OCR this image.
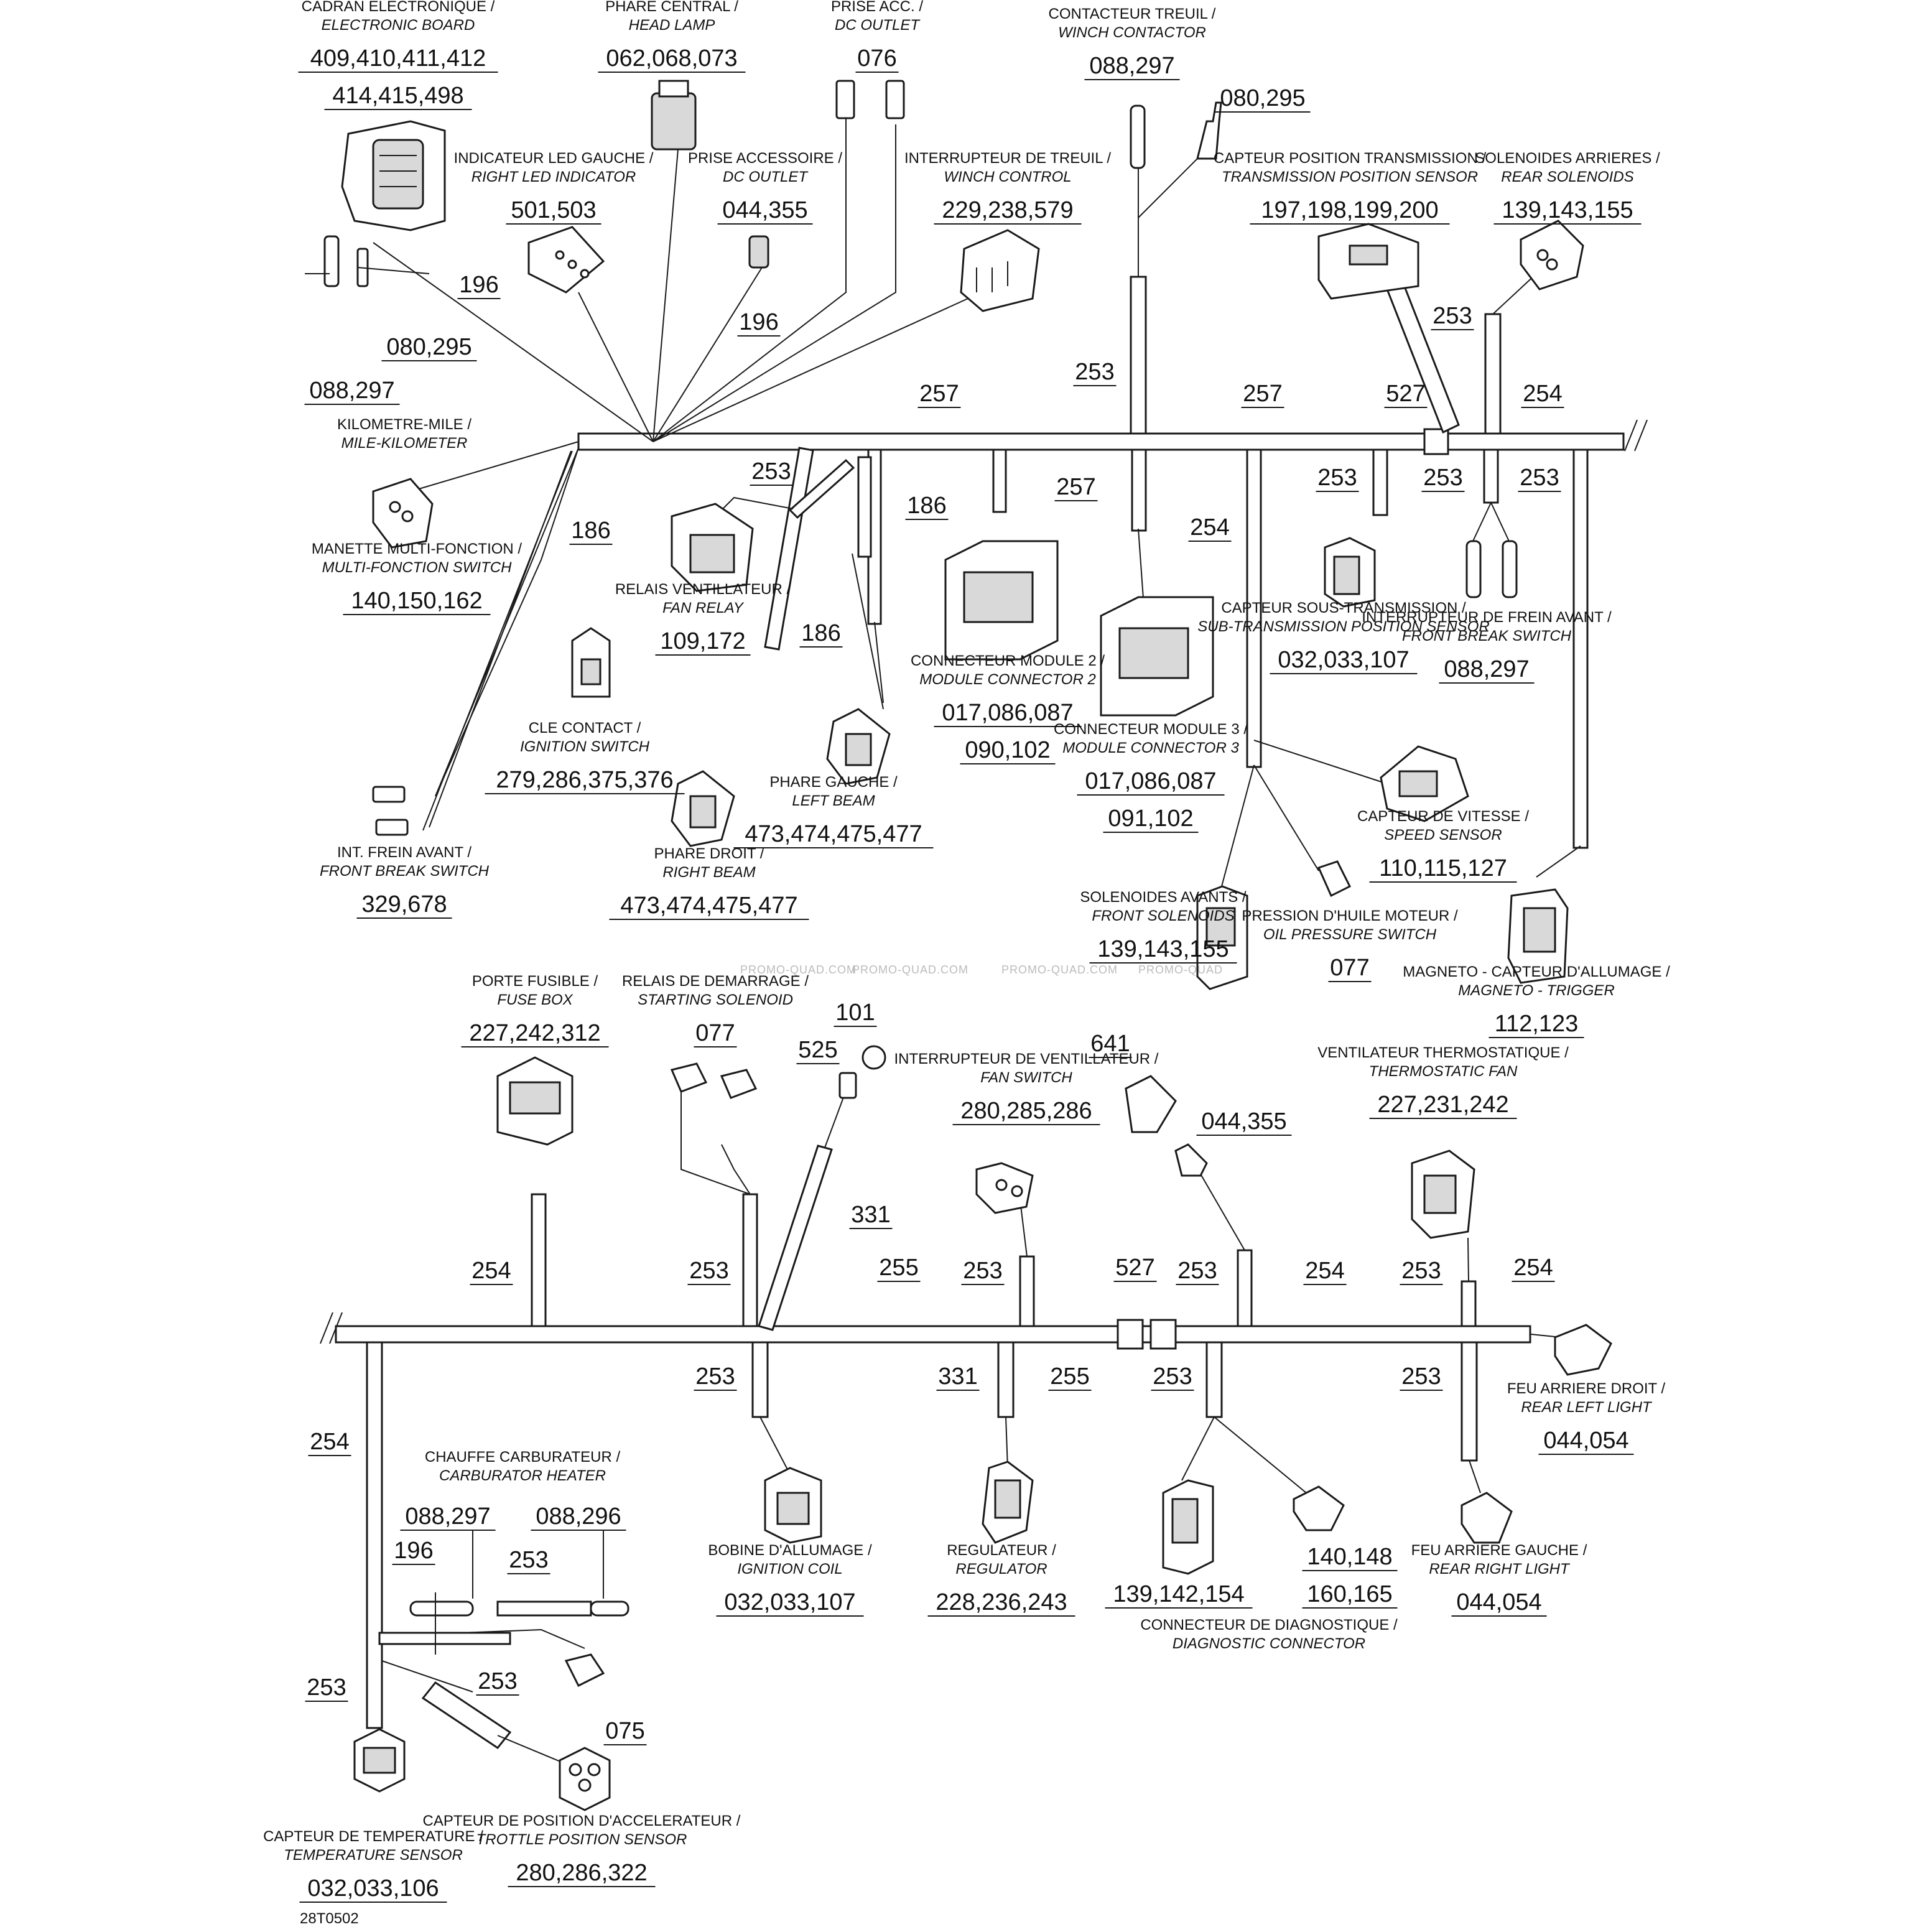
CADRAN ELECTRONIQUE /
ELECTRONIC BOARD
409,410,411,412
414,415,498
PHARE CENTRAL /
HEAD LAMP
062,068,073
PRISE ACC. /
DC OUTLET
076
CONTACTEUR TREUIL /
WINCH CONTACTOR
088,297
INDICATEUR LED GAUCHE /
RIGHT LED INDICATOR
501,503
PRISE ACCESSOIRE /
DC OUTLET
044,355
INTERRUPTEUR DE TREUIL /
WINCH CONTROL
229,238,579
CAPTEUR POSITION TRANSMISSION /
TRANSMISSION POSITION SENSOR
197,198,199,200
SOLENOIDES ARRIERES /
REAR SOLENOIDS
139,143,155
KILOMETRE-MILE /
MILE-KILOMETER
MANETTE MULTI-FONCTION /
MULTI-FONCTION SWITCH
140,150,162	RELAIS VENTILLATEUR /
FAN RELAY
109,172
CLE CONTACT /
IGNITION SWITCH
279,286,375,376
INT. FREIN AVANT /
FRONT BREAK SWITCH
329,678
CONNECTEUR MODULE 2 /
MODULE CONNECTOR 2
017,086,087
090,102
CONNECTEUR MODULE 3 /
MODULE CONNECTOR 3
017,086,087
091,102
PHARE GAUCHE /
LEFT BEAM
473,474,475,477
PHARE DROIT /
RIGHT BEAM
473,474,475,477
CAPTEUR SOUS-TRANSMISSION /
SUB-TRANSMISSION POSITION SENSOR
032,033,107
INTERRUPTEUR DE FREIN AVANT /
FRONT BREAK SWITCH
088,297
CAPTEUR DE VITESSE /
SPEED SENSOR
110,115,127
SOLENOIDES AVANTS /
FRONT SOLENOIDS
139,143,155
PRESSION D'HUILE MOTEUR /
OIL PRESSURE SWITCH
077 MAGNETO - CAPTEUR D'ALLUMAGE /
MAGNETO - TRIGGER
112,123
PORTE FUSIBLE /
FUSE BOX
227,242,312
RELAIS DE DEMARRAGE /
STARTING SOLENOID
077
INTERRUPTEUR DE VENTILLATEUR /
FAN SWITCH
280,285,286
VENTILATEUR THERMOSTATIQUE /
THERMOSTATIC FAN
227,231,242
FEU ARRIERE DROIT /
REAR LEFT LIGHT
044,054
CHAUFFE CARBURATEUR /
CARBURATOR HEATER
BOBINE D'ALLUMAGE /
IGNITION COIL
032,033,107
REGULATEUR /
REGULATOR
228,236,243
CONNECTEUR DE DIAGNOSTIQUE /
DIAGNOSTIC CONNECTOR
FEU ARRIERE GAUCHE /
REAR RIGHT LIGHT
044,054
CAPTEUR DE TEMPERATURE /
TEMPERATURE SENSOR
032,033,106
CAPTEUR DE POSITION D'ACCELERATEUR /
TROTTLE POSITION SENSOR
280,286,322
196
080,295
088,297
196
080,295
253
257	257	527
253
254
186
253
186
257
186
254
253	253 253
101
525	641
044,355
331
254	253	255 253	527 253	254 253	254
253	331	255	253	253
254
088,297 088,296
196	253
253	253
075
139,142,154
140,148
160,165
PROMO-QUAD.COM
PROMO-QUAD.COM	PROMO-QUAD.COM PROMO-QUAD
28T0502
